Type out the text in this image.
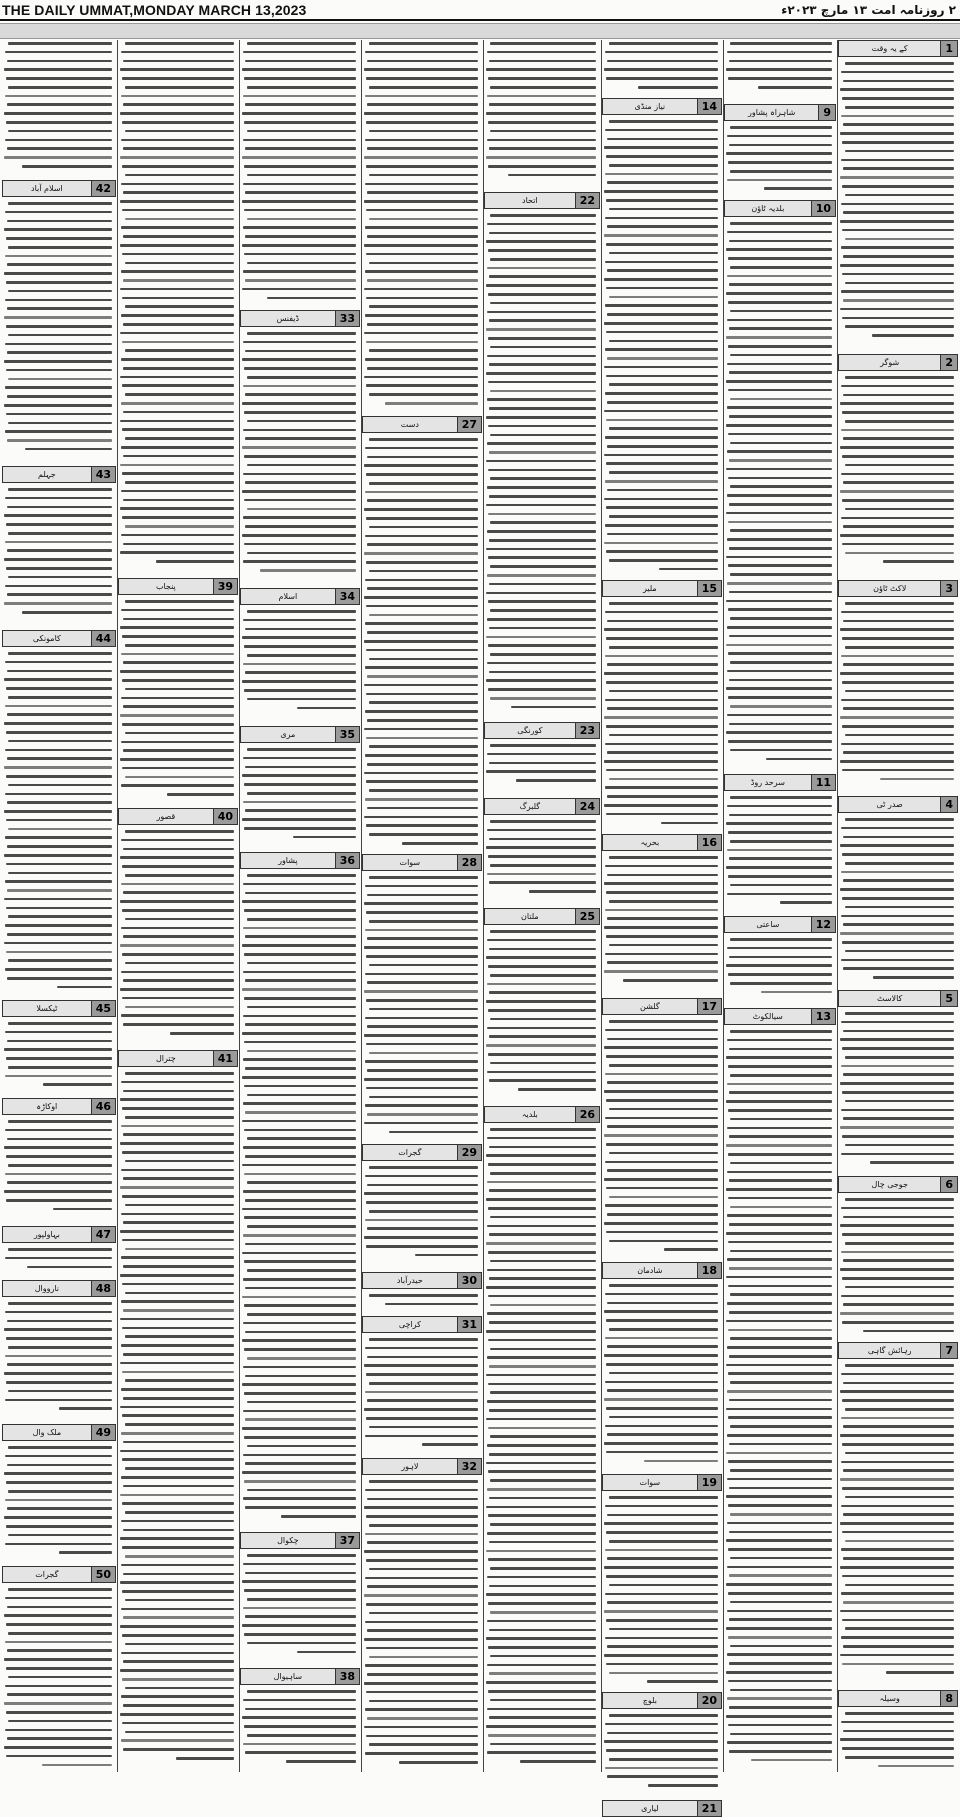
THE DAILY UMMAT,MONDAY MARCH 13,2023	۲ روزنامہ امت ۱۳ مارچ ۲۰۲۳ء
1
کے یہ وقت
2
شوگر
3
لاکٹ ٹاؤن
4
صدر ٹی
5
کالاسٹ
6
جوجی چال
7
رہائش گاہی
8
وسیلہ
9
شاہراہ پشاور
10
بلدیہ ٹاؤن
11
سرحد روڈ
12
ساعتی
13
سیالکوٹ
14
نیاز منڈی
15
ملیر
16
بحریہ
17
گلشن
18
شادمان
19
سوات
20
بلوچ
21
لیاری
22
اتحاد
23
کورنگی
24
گلبرگ
25
ملتان
26
بلدیہ
27
دست
28
سوات
29
گجرات
30
حیدرآباد
31
کراچی
32
لاہور
33
ڈیفنس
34
اسلام
35
مری
36
پشاور
37
چکوال
38
ساہیوال
39
پنجاب
40
قصور
41
چترال
42
اسلام آباد
43
جہلم
44
کامونکی
45
ٹیکسلا
46
اوکاڑہ
47
بہاولپور
48
نارووال
49
ملک وال
50
گجرات
